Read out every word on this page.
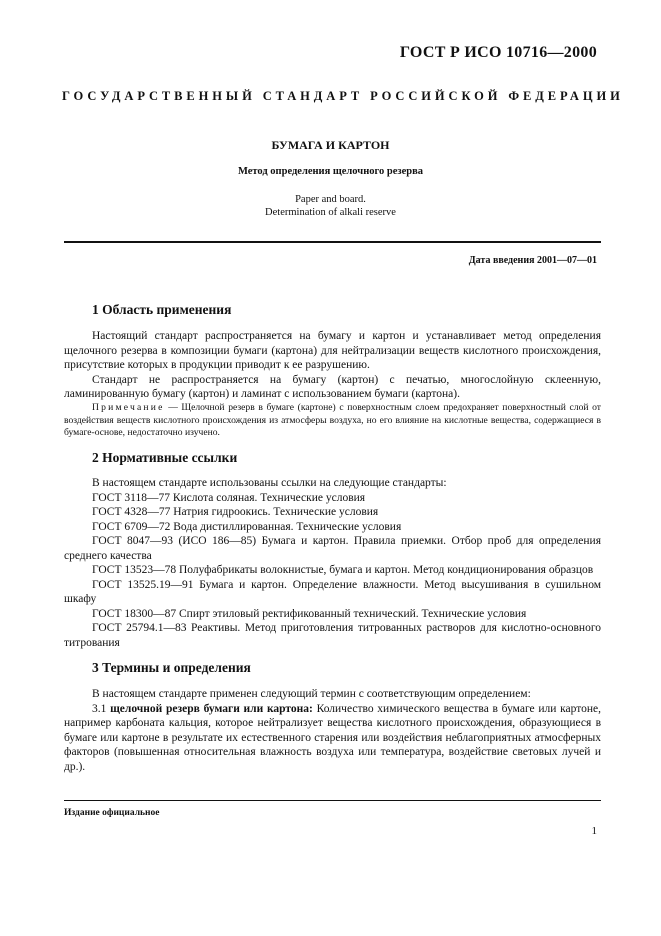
ГОСТ Р ИСО 10716—2000
ГОСУДАРСТВЕННЫЙ СТАНДАРТ РОССИЙСКОЙ ФЕДЕРАЦИИ
БУМАГА И КАРТОН
Метод определения щелочного резерва
Paper and board.
Determination of alkali reserve
Дата введения 2001—07—01
1 Область применения

Настоящий стандарт распространяется на бумагу и картон и устанавливает метод определения щелочного резерва в композиции бумаги (картона) для нейтрализации веществ кислотного происхождения, присутствие которых в продукции приводит к ее разрушению.

Стандарт не распространяется на бумагу (картон) с печатью, многослойную склеенную, ламинированную бумагу (картон) и ламинат с использованием бумаги (картона).

Примечание — Щелочной резерв в бумаге (картоне) с поверхностным слоем предохраняет поверхностный слой от воздействия веществ кислотного происхождения из атмосферы воздуха, но его влияние на кислотные вещества, содержащиеся в бумаге-основе, недостаточно изучено.

2 Нормативные ссылки

В настоящем стандарте использованы ссылки на следующие стандарты:

ГОСТ 3118—77 Кислота соляная. Технические условия

ГОСТ 4328—77 Натрия гидроокись. Технические условия

ГОСТ 6709—72 Вода дистиллированная. Технические условия

ГОСТ 8047—93 (ИСО 186—85) Бумага и картон. Правила приемки. Отбор проб для определения среднего качества

ГОСТ 13523—78 Полуфабрикаты волокнистые, бумага и картон. Метод кондиционирования образцов

ГОСТ 13525.19—91 Бумага и картон. Определение влажности. Метод высушивания в сушильном шкафу

ГОСТ 18300—87 Спирт этиловый ректификованный технический. Технические условия

ГОСТ 25794.1—83 Реактивы. Метод приготовления титрованных растворов для кислотно-основного титрования

3 Термины и определения

В настоящем стандарте применен следующий термин с соответствующим определением:

3.1 щелочной резерв бумаги или картона: Количество химического вещества в бумаге или картоне, например карбоната кальция, которое нейтрализует вещества кислотного происхождения, образующиеся в бумаге или картоне в результате их естественного старения или воздействия неблагоприятных атмосферных факторов (повышенная относительная влажность воздуха или температура, воздействие световых лучей и др.).

Издание официальное
1
